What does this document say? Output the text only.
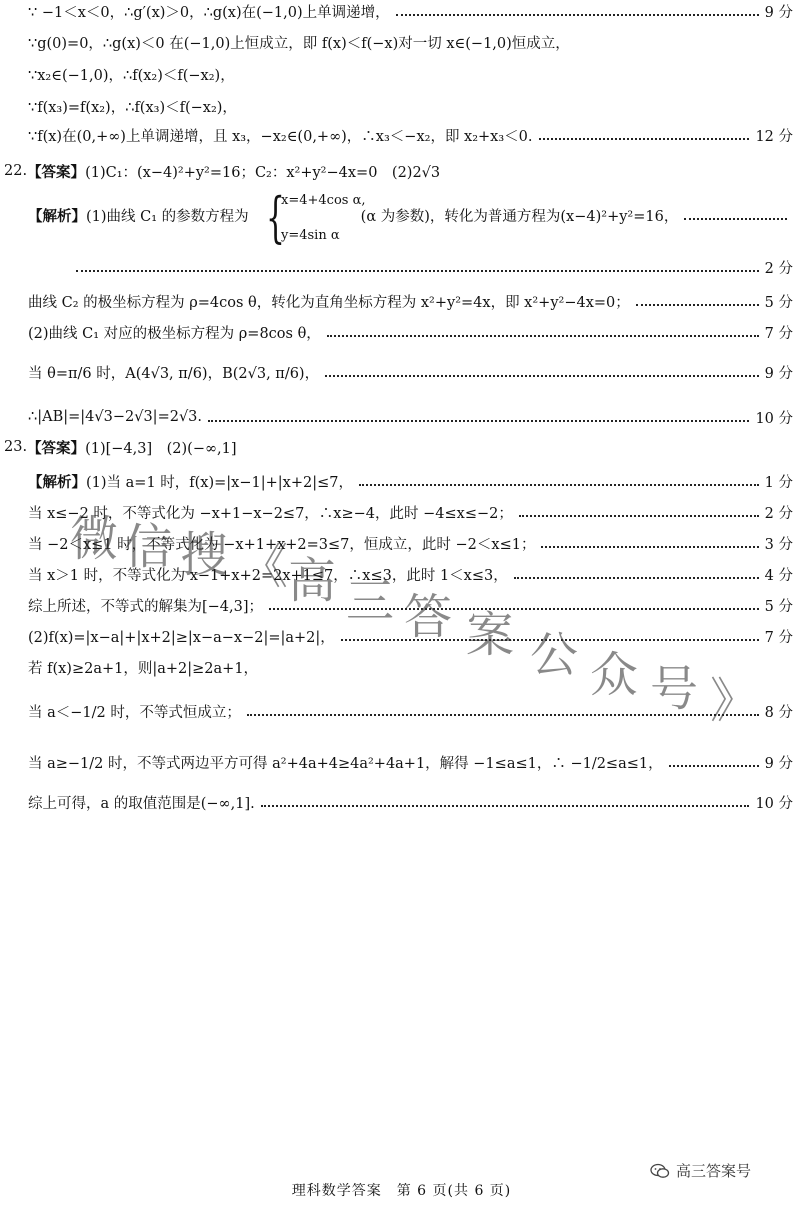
∵ −1＜x＜0，∴g′(x)＞0，∴g(x)在(−1,0)上单调递增，	9 分
∵g(0)=0，∴g(x)＜0 在(−1,0)上恒成立，即 f(x)＜f(−x)对一切 x∈(−1,0)恒成立，
∵x₂∈(−1,0)，∴f(x₂)＜f(−x₂)，
∵f(x₃)=f(x₂)，∴f(x₃)＜f(−x₂)，
∵f(x)在(0,+∞)上单调递增，且 x₃，−x₂∈(0,+∞)，∴x₃＜−x₂，即 x₂+x₃＜0.	12 分
22. 【答案】 (1)C₁：(x−4)²+y²=16；C₂：x²+y²−4x=0　(2)2√3
【解析】 (1)曲线 C₁ 的参数方程为	(α 为参数)，转化为普通方程为(x−4)²+y²=16，
{
x=4+4cos α,
y=4sin α
2 分
曲线 C₂ 的极坐标方程为 ρ=4cos θ，转化为直角坐标方程为 x²+y²=4x，即 x²+y²−4x=0；	5 分
(2)曲线 C₁ 对应的极坐标方程为 ρ=8cos θ，	7 分
当 θ=π/6 时，A(4√3, π/6)，B(2√3, π/6)，	9 分
∴|AB|=|4√3−2√3|=2√3.	10 分
23. 【答案】 (1)[−4,3]　(2)(−∞,1]
【解析】 (1)当 a=1 时，f(x)=|x−1|+|x+2|≤7，	1 分
当 x≤−2 时，不等式化为 −x+1−x−2≤7，∴x≥−4，此时 −4≤x≤−2；	2 分
当 −2＜x≤1 时，不等式化为 −x+1+x+2=3≤7，恒成立，此时 −2＜x≤1；	3 分
当 x＞1 时，不等式化为 x−1+x+2=2x+1≤7，∴x≤3，此时 1＜x≤3，	4 分
综上所述，不等式的解集为[−4,3]；	5 分
(2)f(x)=|x−a|+|x+2|≥|x−a−x−2|=|a+2|，	7 分
若 f(x)≥2a+1，则|a+2|≥2a+1，
当 a＜−1/2 时，不等式恒成立；	8 分
当 a≥−1/2 时，不等式两边平方可得 a²+4a+4≥4a²+4a+1，解得 −1≤a≤1，∴ −1/2≤a≤1，	9 分
综上可得，a 的取值范围是(−∞,1].	10 分
微 信 搜 《
高 三 答 案 公 众 号 》
高三答案号
理科数学答案　第 6 页(共 6 页)
